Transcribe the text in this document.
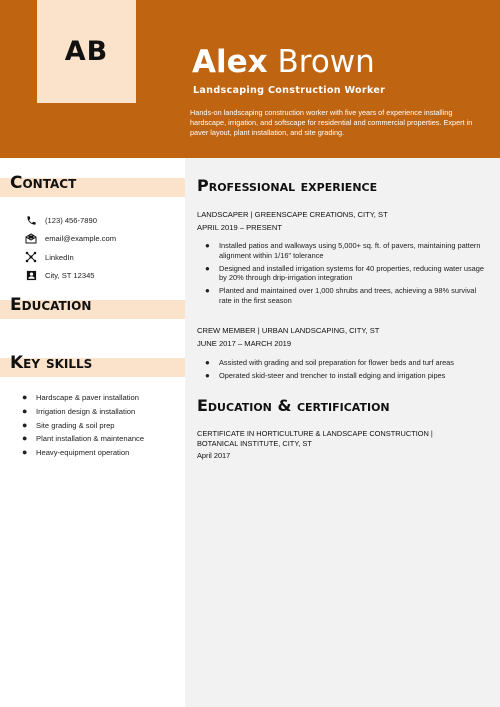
AB	Alex Brown
Landscaping Construction Worker
Hands-on landscaping construction worker with five years of experience installing hardscape, irrigation, and softscape for residential and commercial properties. Expert in paver layout, plant installation, and site grading.
Contact
(123) 456-7890
email@example.com
LinkedIn
City, ST 12345
Education
Key skills
●	Hardscape & paver installation
●	Irrigation design & installation
●	Site grading & soil prep
●	Plant installation & maintenance
●	Heavy-equipment operation
Professional experience
LANDSCAPER | GREENSCAPE CREATIONS, CITY, ST
APRIL 2019 – PRESENT
●	Installed patios and walkways using 5,000+ sq. ft. of pavers, maintaining pattern alignment within 1/16" tolerance
●	Designed and installed irrigation systems for 40 properties, reducing water usage by 20% through drip-irrigation integration
●	Planted and maintained over 1,000 shrubs and trees, achieving a 98% survival rate in the first season
CREW MEMBER | URBAN LANDSCAPING, CITY, ST
JUNE 2017 – MARCH 2019
●	Assisted with grading and soil preparation for flower beds and turf areas
●	Operated skid-steer and trencher to install edging and irrigation pipes
Education & certification
CERTIFICATE IN HORTICULTURE & LANDSCAPE CONSTRUCTION |
BOTANICAL INSTITUTE, CITY, ST
April 2017
